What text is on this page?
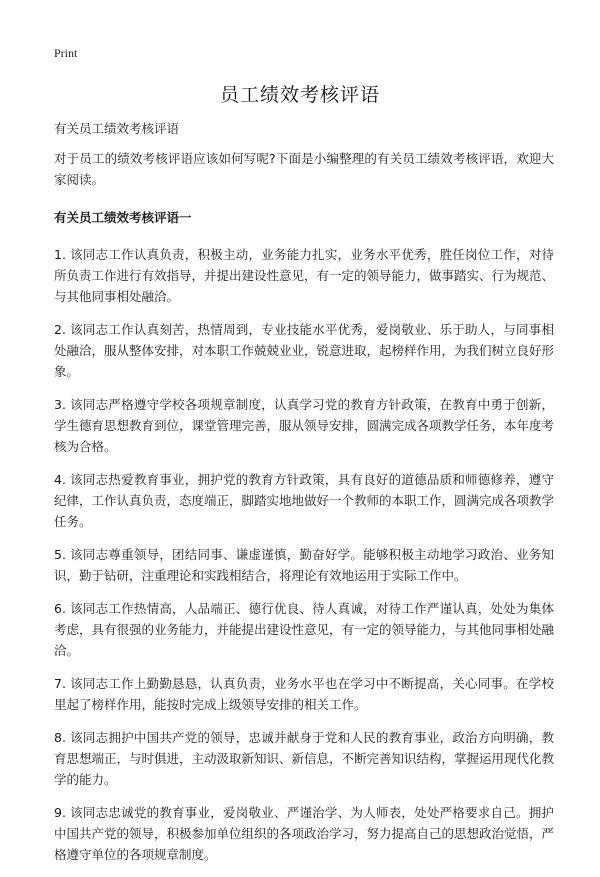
Print
员工绩效考核评语

有关员工绩效考核评语

对于员工的绩效考核评语应该如何写呢?下面是小编整理的有关员工绩效考核评语，欢迎大家阅读。

有关员工绩效考核评语一

1. 该同志工作认真负责，积极主动，业务能力扎实，业务水平优秀，胜任岗位工作，对待所负责工作进行有效指导，并提出建设性意见，有一定的领导能力，做事踏实、行为规范、与其他同事相处融洽。

2. 该同志工作认真刻苦，热情周到，专业技能水平优秀，爱岗敬业、乐于助人，与同事相处融洽，服从整体安排，对本职工作兢兢业业，锐意进取，起榜样作用，为我们树立良好形象。

3. 该同志严格遵守学校各项规章制度，认真学习党的教育方针政策，在教育中勇于创新，学生德育思想教育到位，课堂管理完善，服从领导安排，圆满完成各项教学任务，本年度考核为合格。

4. 该同志热爱教育事业，拥护党的教育方针政策，具有良好的道德品质和师德修养，遵守纪律，工作认真负责，态度端正，脚踏实地地做好一个教师的本职工作，圆满完成各项教学任务。

5. 该同志尊重领导，团结同事、谦虚谨慎，勤奋好学。能够积极主动地学习政治、业务知识，勤于钻研，注重理论和实践相结合，将理论有效地运用于实际工作中。

6. 该同志工作热情高，人品端正、德行优良、待人真诚，对待工作严谨认真，处处为集体考虑，具有很强的业务能力，并能提出建设性意见，有一定的领导能力，与其他同事相处融洽。

7. 该同志工作上勤勤恳恳，认真负责，业务水平也在学习中不断提高，关心同事。在学校里起了榜样作用，能按时完成上级领导安排的相关工作。

8. 该同志拥护中国共产党的领导，忠诚并献身于党和人民的教育事业，政治方向明确，教育思想端正，与时俱进，主动汲取新知识、新信息，不断完善知识结构，掌握运用现代化教学的能力。

9. 该同志忠诚党的教育事业，爱岗敬业、严谨治学、为人师表，处处严格要求自己。拥护中国共产党的领导，积极参加单位组织的各项政治学习，努力提高自己的思想政治觉悟，严格遵守单位的各项规章制度。
